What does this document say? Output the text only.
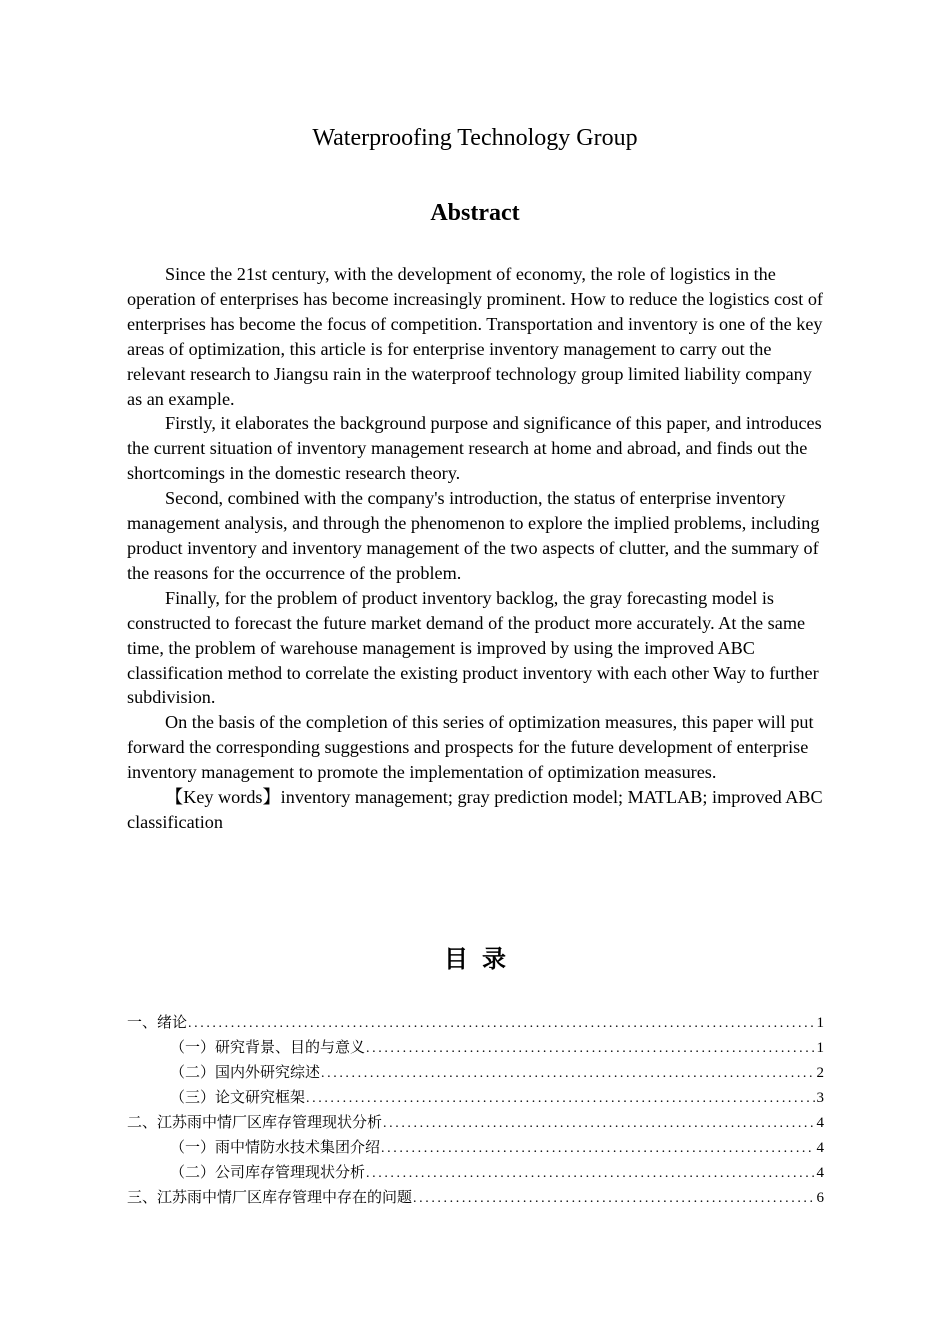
Waterproofing Technology Group
Abstract

Since the 21st century, with the development of economy, the role of logistics in the operation of enterprises has become increasingly prominent. How to reduce the logistics cost of enterprises has become the focus of competition. Transportation and inventory is one of the key areas of optimization, this article is for enterprise inventory management to carry out the relevant research to Jiangsu rain in the waterproof technology group limited liability company as an example.

Firstly, it elaborates the background purpose and significance of this paper, and introduces the current situation of inventory management research at home and abroad, and finds out the shortcomings in the domestic research theory.

Second, combined with the company's introduction, the status of enterprise inventory management analysis, and through the phenomenon to explore the implied problems, including product inventory and inventory management of the two aspects of clutter, and the summary of the reasons for the occurrence of the problem.

Finally, for the problem of product inventory backlog, the gray forecasting model is constructed to forecast the future market demand of the product more accurately. At the same time, the problem of warehouse management is improved by using the improved ABC classification method to correlate the existing product inventory with each other Way to further subdivision.

On the basis of the completion of this series of optimization measures, this paper will put forward the corresponding suggestions and prospects for the future development of enterprise inventory management to promote the implementation of optimization measures.

【Key words】inventory management; gray prediction model; MATLAB; improved ABC classification

目录
一、绪论 .....	1
（一）研究背景、目的与意义 .....	1
（二）国内外研究综述 .....	2
（三）论文研究框架 .....	3
二、江苏雨中情厂区库存管理现状分析 .....	4
（一）雨中情防水技术集团介绍 .....	4
（二）公司库存管理现状分析 .....	4
三、江苏雨中情厂区库存管理中存在的问题 .....	6
